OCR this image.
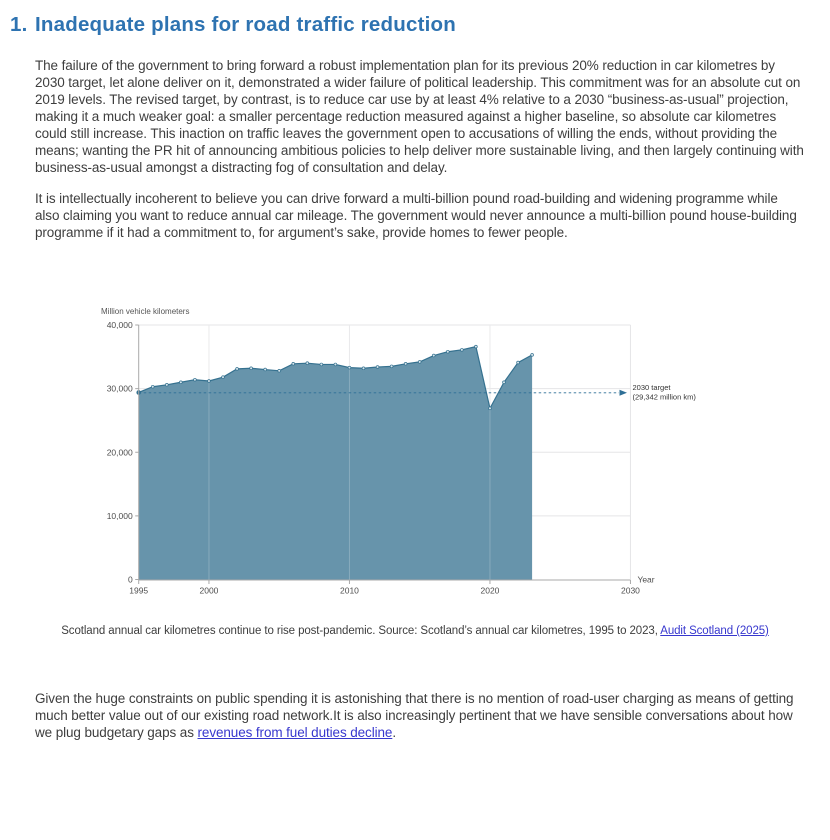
1. Inadequate plans for road traffic reduction

The failure of the government to bring forward a robust implementation plan for its previous 20% reduction in car kilometres by 2030 target, let alone deliver on it, demonstrated a wider failure of political leadership. This commitment was for an absolute cut on 2019 levels. The revised target, by contrast, is to reduce car use by at least 4% relative to a 2030 “business-as-usual” projection, making it a much weaker goal: a smaller percentage reduction measured against a higher baseline, so absolute car kilometres could still increase. This inaction on traffic leaves the government open to accusations of willing the ends, without providing the means; wanting the PR hit of announcing ambitious policies to help deliver more sustainable living, and then largely continuing with business-as-usual amongst a distracting fog of consultation and delay.

It is intellectually incoherent to believe you can drive forward a multi-billion pound road-building and widening programme while also claiming you want to reduce annual car mileage. The government would never announce a multi-billion pound house-building programme if it had a commitment to, for argument’s sake, provide homes to fewer people.

Million vehicle kilometers
2030 target
(29,342 million km)
1995	2000	2010	2020	2030
Year
0
10,000
20,000
30,000
40,000
Scotland annual car kilometres continue to rise post-pandemic. Source: Scotland’s annual car kilometres, 1995 to 2023, Audit Scotland (2025)

Given the huge constraints on public spending it is astonishing that there is no mention of road-user charging as means of getting much better value out of our existing road network.It is also increasingly pertinent that we have sensible conversations about how we plug budgetary gaps as revenues from fuel duties decline.
